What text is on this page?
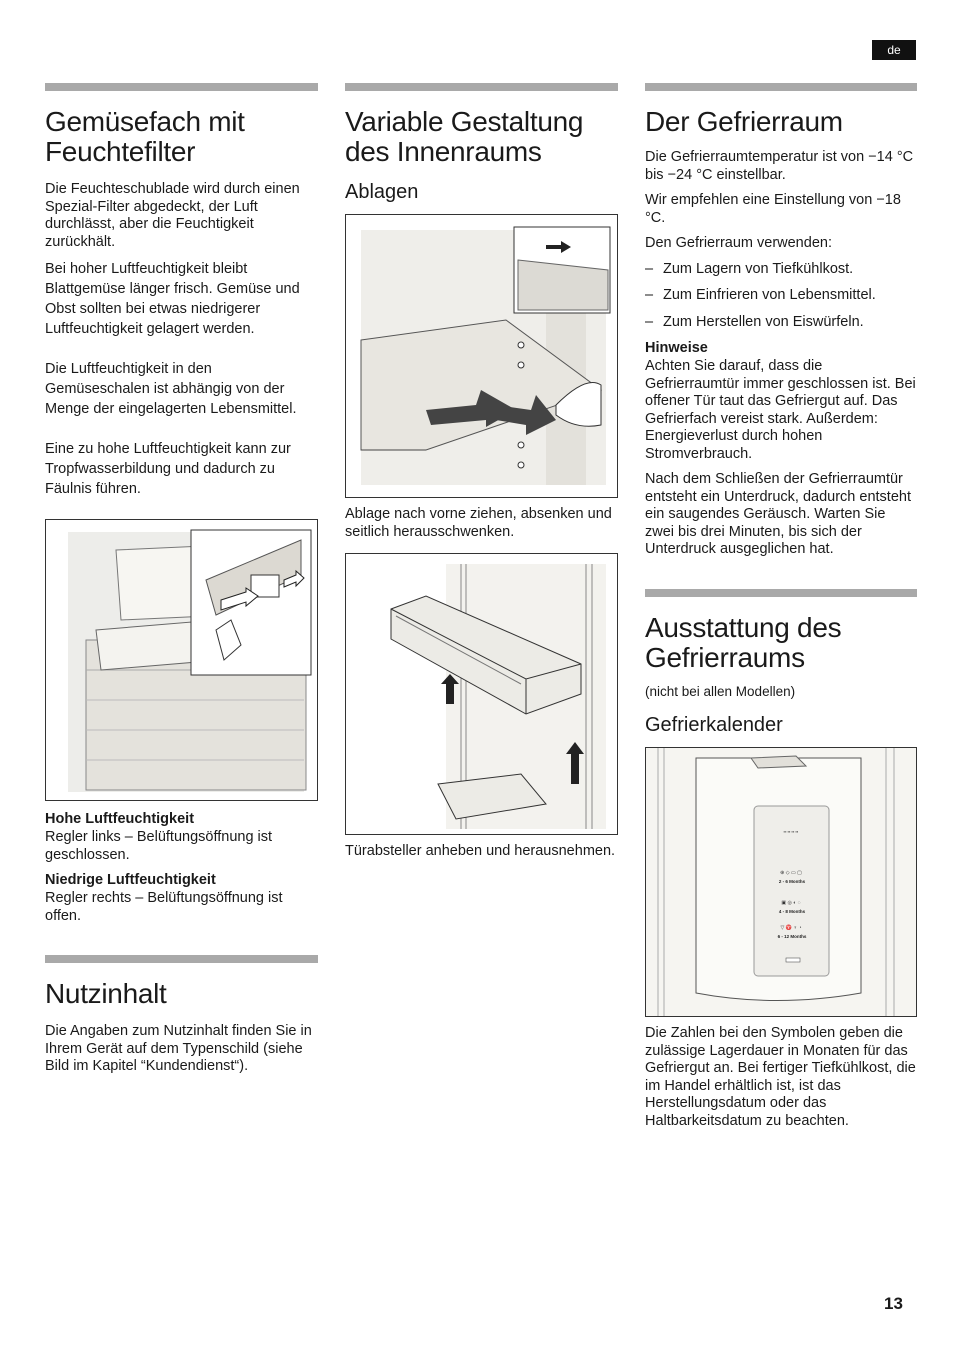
de
Gemüsefach mit Feuchtefilter

Die Feuchteschublade wird durch einen Spezial-Filter abgedeckt, der Luft durchlässt, aber die Feuchtigkeit zurückhält.

Bei hoher Luftfeuchtigkeit bleibt Blattgemüse länger frisch. Gemüse und Obst sollten bei etwas niedrigerer Luftfeuchtigkeit gelagert werden.

Die Luftfeuchtigkeit in den Gemüseschalen ist abhängig von der Menge der eingelagerten Lebensmittel.

Eine zu hohe Luftfeuchtigkeit kann zur Tropfwasserbildung und dadurch zu Fäulnis führen.

Hohe Luftfeuchtigkeit

Regler links – Belüftungsöffnung ist geschlossen.

Niedrige Luftfeuchtigkeit

Regler rechts – Belüftungsöffnung ist offen.

Nutzinhalt

Die Angaben zum Nutzinhalt finden Sie in Ihrem Gerät auf dem Typenschild (siehe Bild im Kapitel “Kundendienst“).

Variable Gestaltung des Innenraums
Ablagen

Ablage nach vorne ziehen, absenken und seitlich herausschwenken.

Türabsteller anheben und herausnehmen.

Der Gefrierraum

Die Gefrierraumtemperatur ist von −14 °C bis −24 °C einstellbar.

Wir empfehlen eine Einstellung von −18 °C.

Den Gefrierraum verwenden:

– Zum Lagern von Tiefkühlkost.
– Zum Einfrieren von Lebensmittel.
– Zum Herstellen von Eiswürfeln.
Hinweise

Achten Sie darauf, dass die Gefrierraumtür immer geschlossen ist. Bei offener Tür taut das Gefriergut auf. Das Gefrierfach vereist stark. Außerdem: Energieverlust durch hohen Stromverbrauch.

Nach dem Schließen der Gefrierraumtür entsteht ein Unterdruck, dadurch entsteht ein saugendes Geräusch. Warten Sie zwei bis drei Minuten, bis sich der Unterdruck ausgeglichen hat.

Ausstattung des Gefrierraums

(nicht bei allen Modellen)

Gefrierkalender
▪▪ ▪▪ ▪▪ ▪▪
⊕ ◇ ▭ ▢
2 - 6 Months
▣ ◎ ◐ ◌
4 - 8 Months
▽ ♈ ♆ ◔
6 - 12 Months

Die Zahlen bei den Symbolen geben die zulässige Lagerdauer in Monaten für das Gefriergut an. Bei fertiger Tiefkühlkost, die im Handel erhältlich ist, ist das Herstellungsdatum oder das Haltbarkeitsdatum zu beachten.

13
